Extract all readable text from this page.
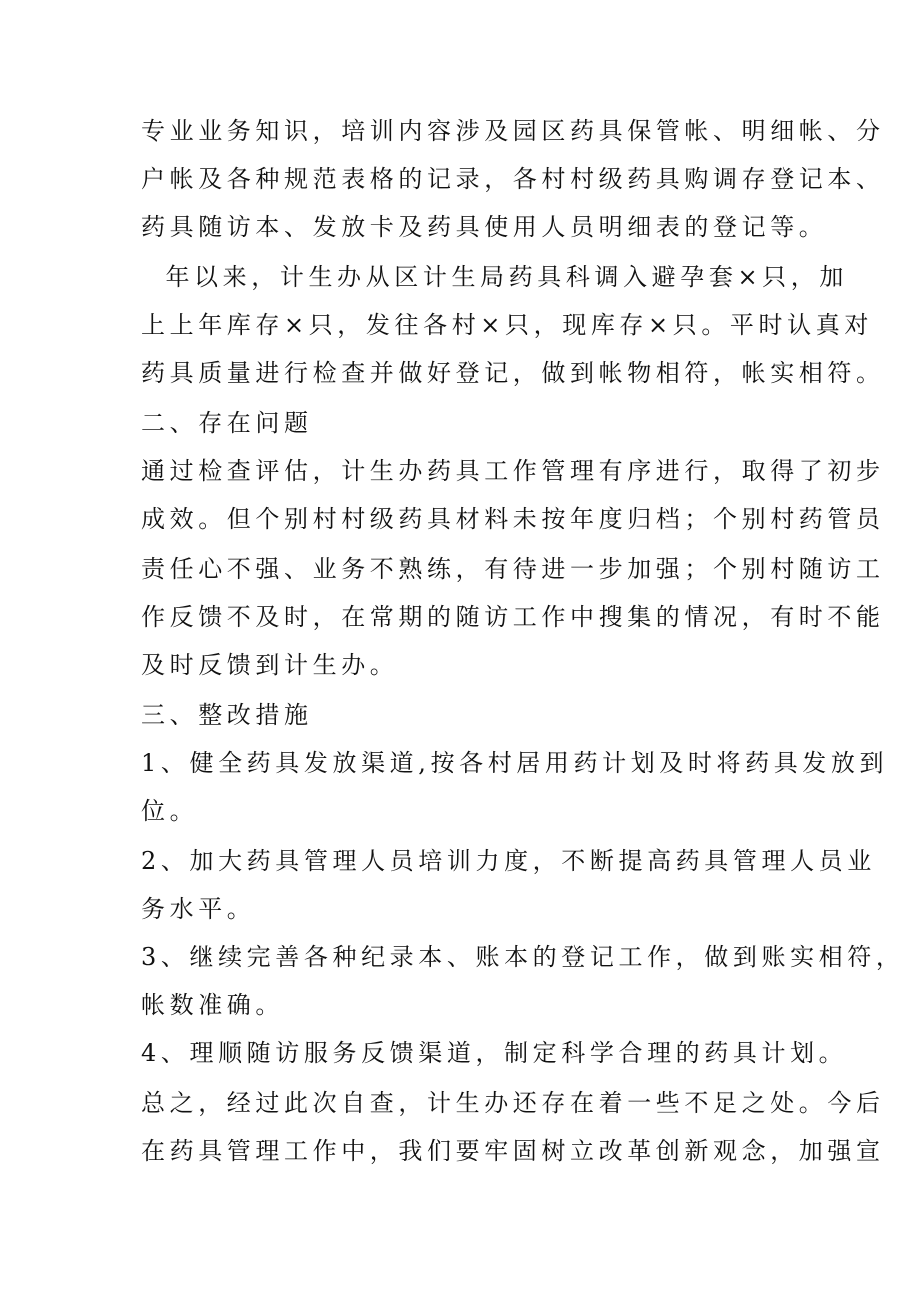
专业业务知识，培训内容涉及园区药具保管帐、明细帐、分
户帐及各种规范表格的记录，各村村级药具购调存登记本、
药具随访本、发放卡及药具使用人员明细表的登记等。
年以来，计生办从区计生局药具科调入避孕套×只，加
上上年库存×只，发往各村×只，现库存×只。平时认真对
药具质量进行检查并做好登记，做到帐物相符，帐实相符。
二、存在问题
通过检查评估，计生办药具工作管理有序进行，取得了初步
成效。但个别村村级药具材料未按年度归档；个别村药管员
责任心不强、业务不熟练，有待进一步加强；个别村随访工
作反馈不及时，在常期的随访工作中搜集的情况，有时不能
及时反馈到计生办。
三、整改措施
1、健全药具发放渠道,按各村居用药计划及时将药具发放到
位。
2、加大药具管理人员培训力度，不断提高药具管理人员业
务水平。
3、继续完善各种纪录本、账本的登记工作，做到账实相符，
帐数准确。
4、理顺随访服务反馈渠道，制定科学合理的药具计划。
总之，经过此次自查，计生办还存在着一些不足之处。今后
在药具管理工作中，我们要牢固树立改革创新观念，加强宣
